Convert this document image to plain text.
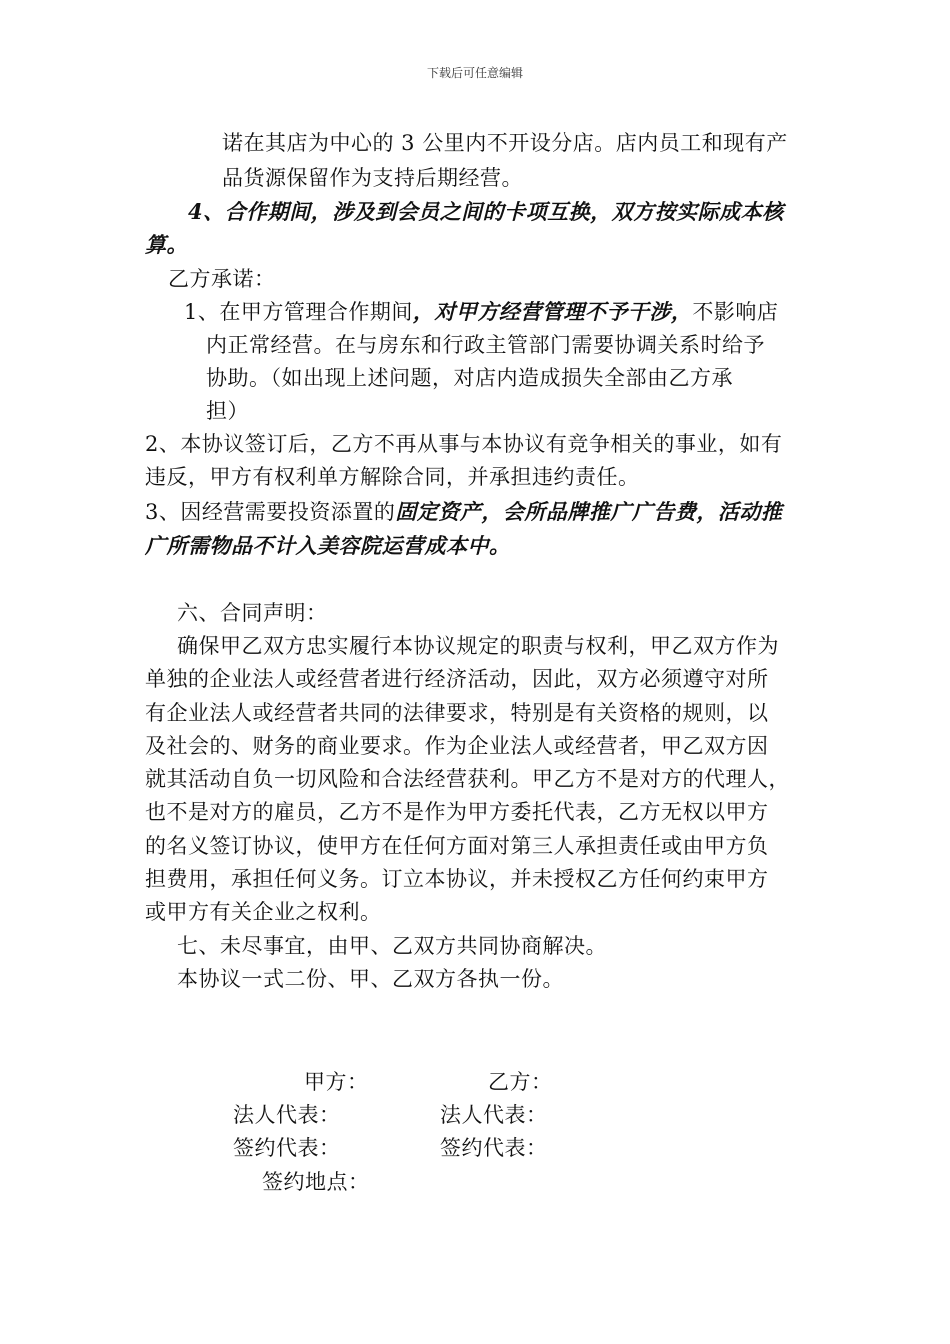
下载后可任意编辑
诺在其店为中心的 3 公里内不开设分店。店内员工和现有产
品货源保留作为支持后期经营。
4、合作期间，涉及到会员之间的卡项互换，双方按实际成本核
算。
乙方承诺：
1、在甲方管理合作期间，对甲方经营管理不予干涉，不影响店
内正常经营。在与房东和行政主管部门需要协调关系时给予
协助。（如出现上述问题，对店内造成损失全部由乙方承
担）
2、本协议签订后，乙方不再从事与本协议有竞争相关的事业，如有
违反，甲方有权利单方解除合同，并承担违约责任。
3、因经营需要投资添置的固定资产，会所品牌推广广告费，活动推
广所需物品不计入美容院运营成本中。
六、合同声明：
确保甲乙双方忠实履行本协议规定的职责与权利，甲乙双方作为
单独的企业法人或经营者进行经济活动，因此，双方必须遵守对所
有企业法人或经营者共同的法律要求，特别是有关资格的规则，以
及社会的、财务的商业要求。作为企业法人或经营者，甲乙双方因
就其活动自负一切风险和合法经营获利。甲乙方不是对方的代理人，
也不是对方的雇员，乙方不是作为甲方委托代表，乙方无权以甲方
的名义签订协议，使甲方在任何方面对第三人承担责任或由甲方负
担费用，承担任何义务。订立本协议，并未授权乙方任何约束甲方
或甲方有关企业之权利。
七、未尽事宜，由甲、乙双方共同协商解决。
本协议一式二份、甲、乙双方各执一份。
甲方：	乙方：
法人代表：	法人代表：
签约代表：	签约代表：
签约地点：
